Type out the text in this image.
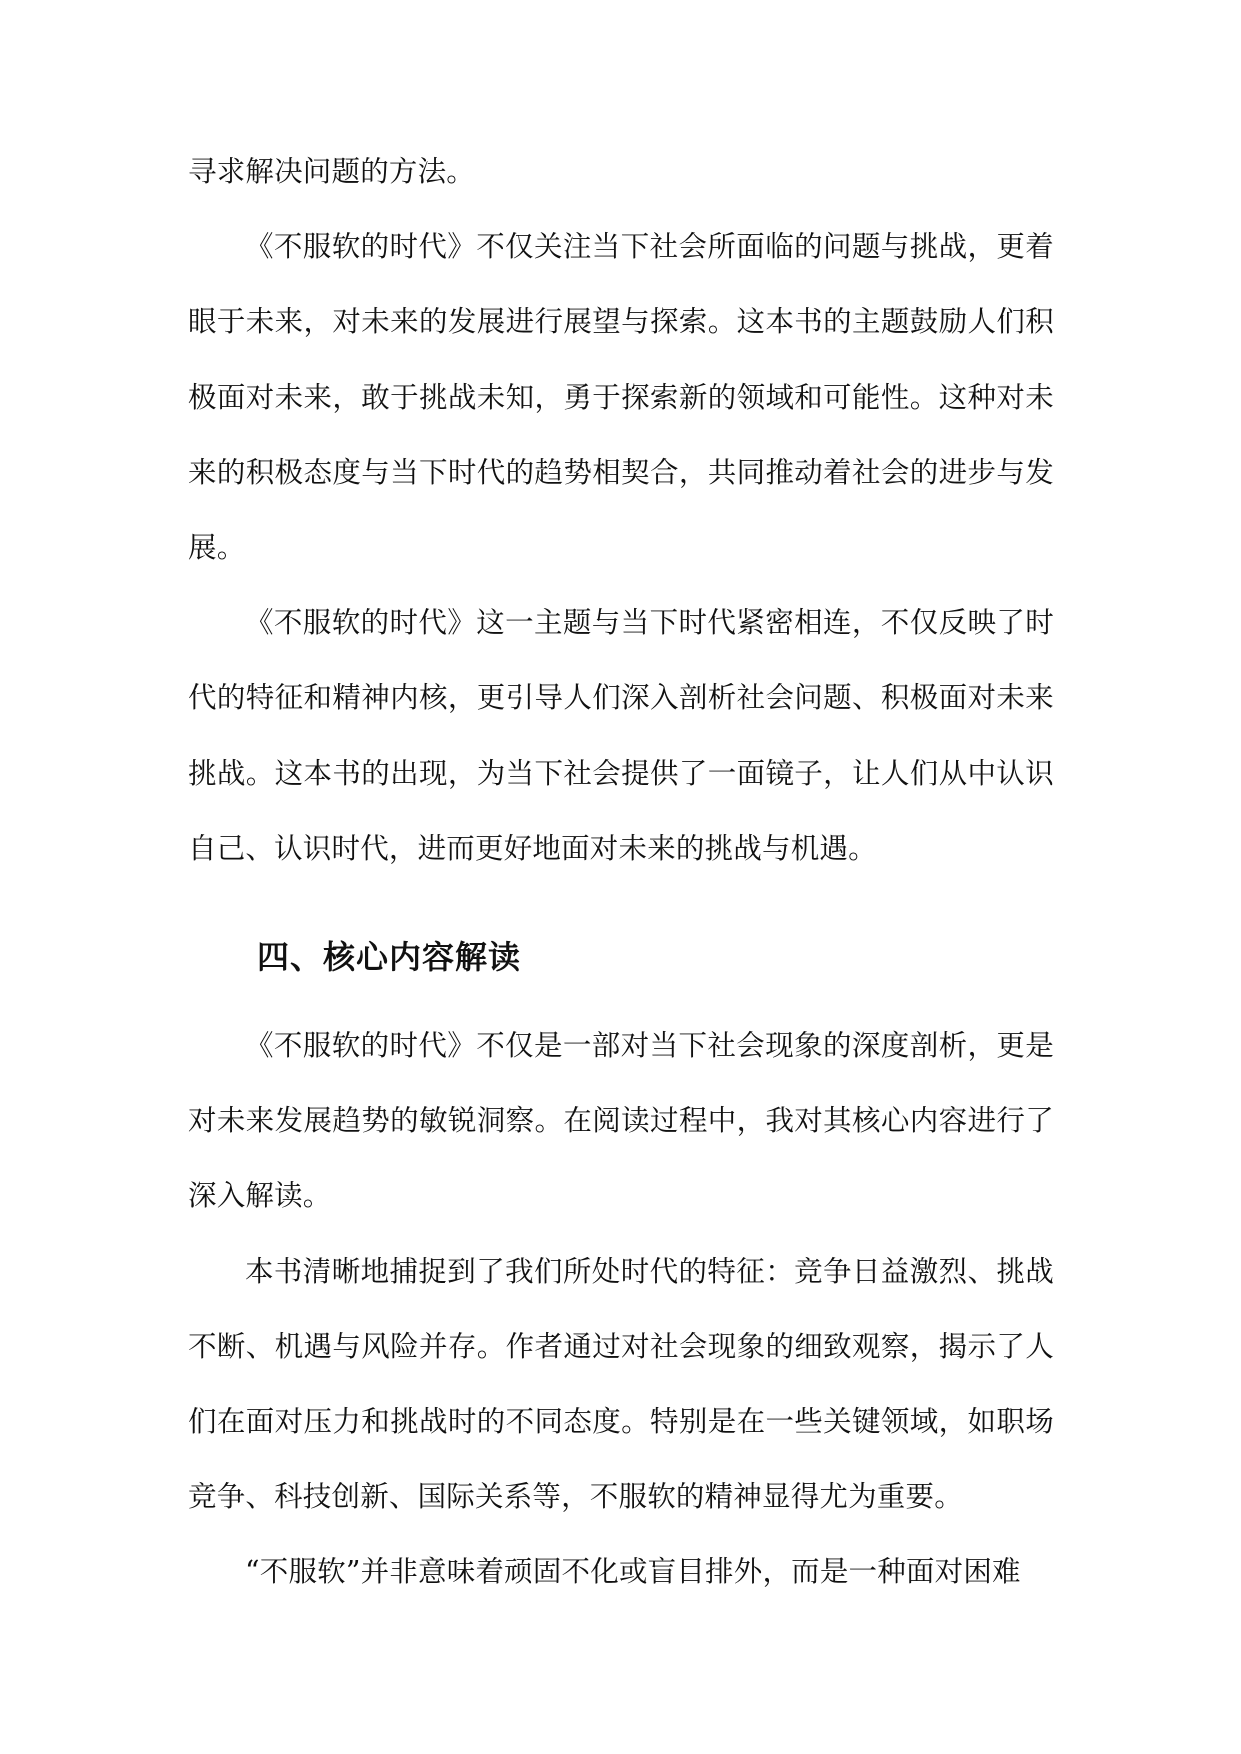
寻求解决问题的方法。

《不服软的时代》不仅关注当下社会所面临的问题与挑战，更着眼于未来，对未来的发展进行展望与探索。这本书的主题鼓励人们积极面对未来，敢于挑战未知，勇于探索新的领域和可能性。这种对未来的积极态度与当下时代的趋势相契合，共同推动着社会的进步与发展。

《不服软的时代》这一主题与当下时代紧密相连，不仅反映了时代的特征和精神内核，更引导人们深入剖析社会问题、积极面对未来挑战。这本书的出现，为当下社会提供了一面镜子，让人们从中认识自己、认识时代，进而更好地面对未来的挑战与机遇。

四、核心内容解读

《不服软的时代》不仅是一部对当下社会现象的深度剖析，更是对未来发展趋势的敏锐洞察。在阅读过程中，我对其核心内容进行了深入解读。

本书清晰地捕捉到了我们所处时代的特征：竞争日益激烈、挑战不断、机遇与风险并存。作者通过对社会现象的细致观察，揭示了人们在面对压力和挑战时的不同态度。特别是在一些关键领域，如职场竞争、科技创新、国际关系等，不服软的精神显得尤为重要。

“不服软”并非意味着顽固不化或盲目排外，而是一种面对困难
